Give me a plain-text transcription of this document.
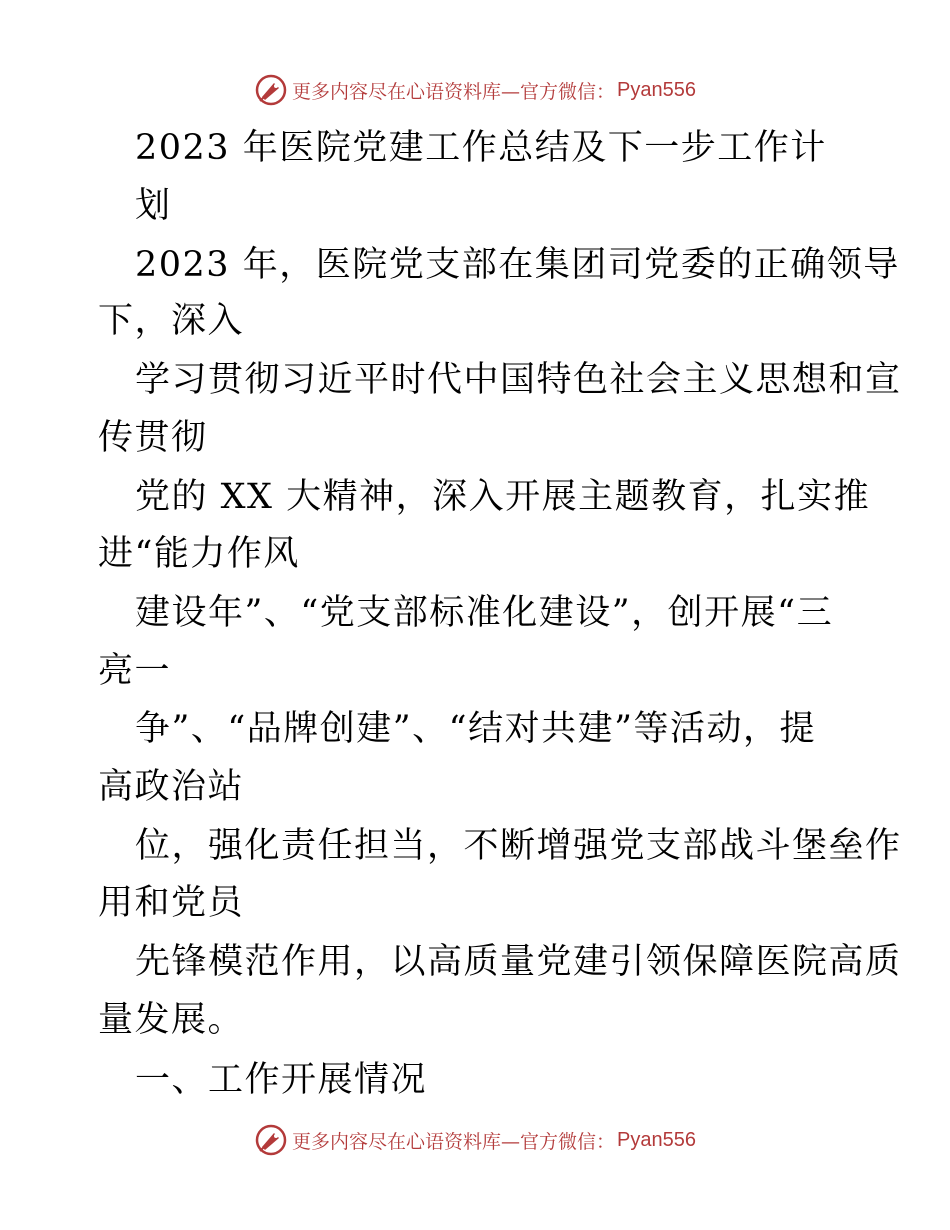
更多内容尽在心语资料库—官方微信： Pyan556
2023 年医院党建工作总结及下一步工作计
划
2023 年，医院党支部在集团司党委的正确领导
下，深入
学习贯彻习近平时代中国特色社会主义思想和宣
传贯彻
党的 XX 大精神，深入开展主题教育，扎实推
进“能力作风
建设年”、“党支部标准化建设”，创开展“三
亮一
争”、“品牌创建”、“结对共建”等活动，提
高政治站
位，强化责任担当，不断增强党支部战斗堡垒作
用和党员
先锋模范作用，以高质量党建引领保障医院高质
量发展。
一、工作开展情况
更多内容尽在心语资料库—官方微信： Pyan556
